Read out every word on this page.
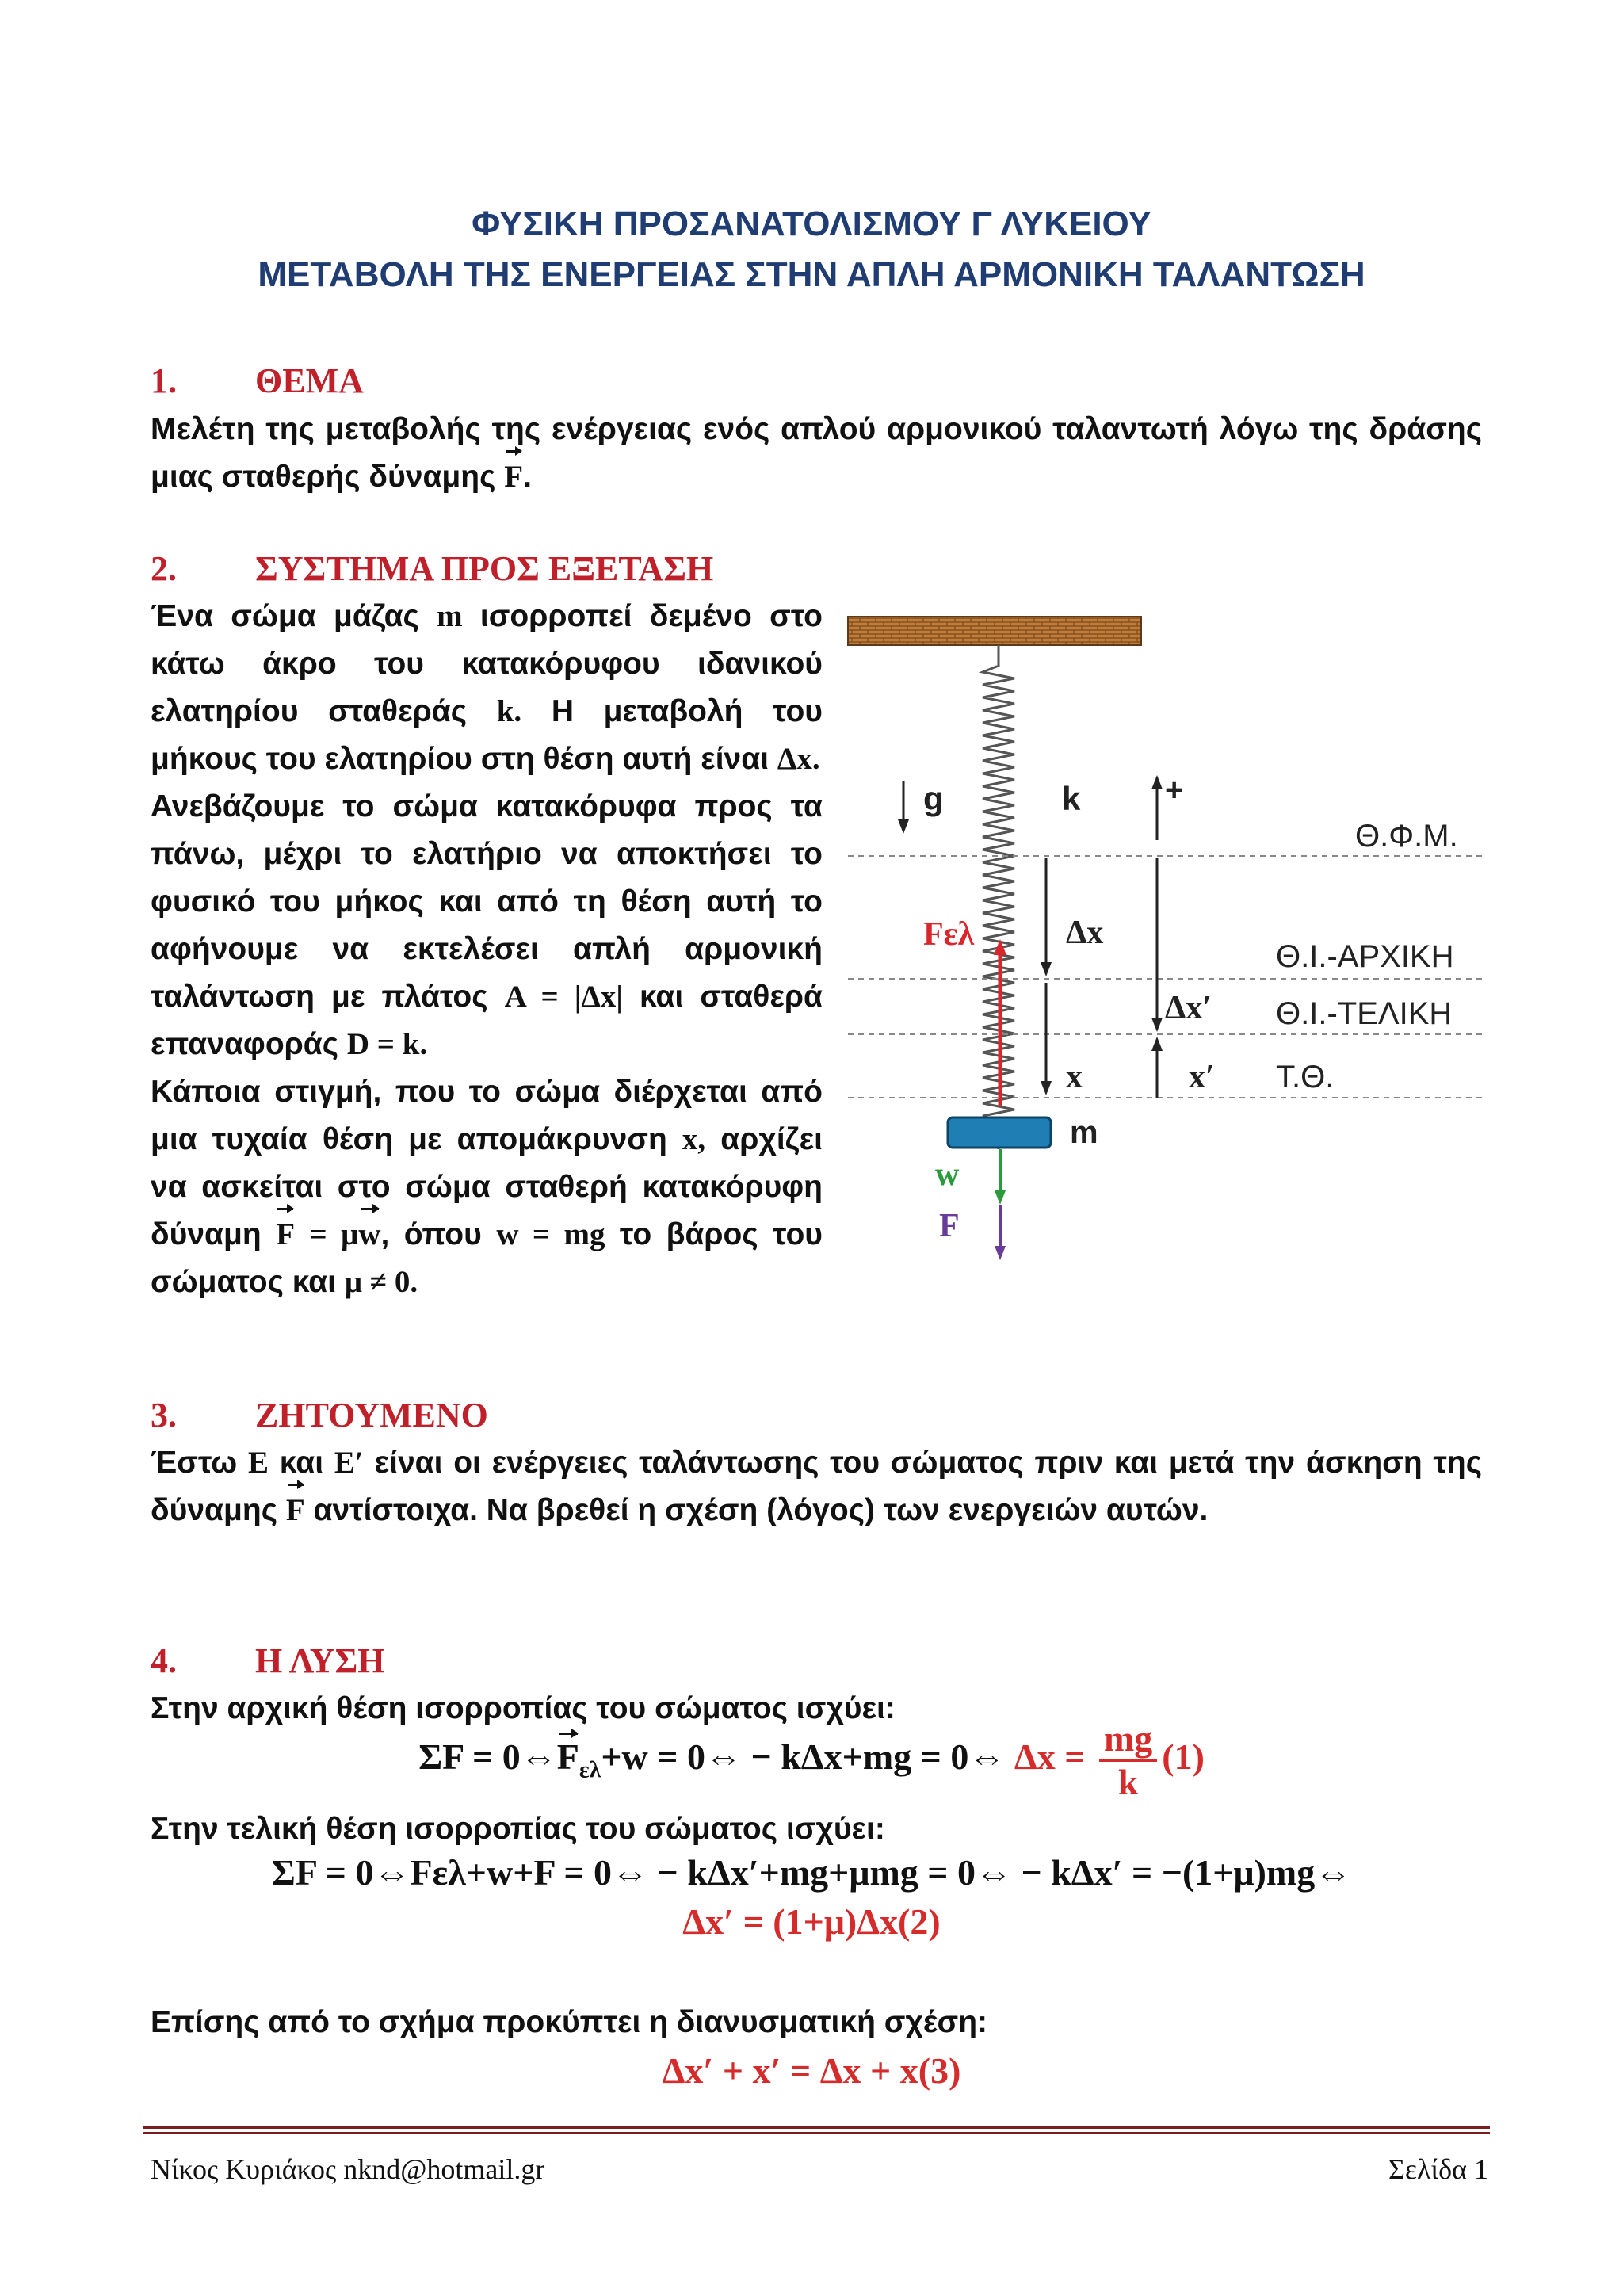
ΦΥΣΙΚΗ ΠΡΟΣΑΝΑΤΟΛΙΣΜΟΥ Γ ΛΥΚΕΙΟΥ
ΜΕΤΑΒΟΛΗ ΤΗΣ ΕΝΕΡΓΕΙΑΣ ΣΤΗΝ ΑΠΛΗ ΑΡΜΟΝΙΚΗ ΤΑΛΑΝΤΩΣΗ
1. ΘΕΜΑ
Μελέτη της μεταβολής της ενέργειας ενός απλού αρμονικού ταλαντωτή λόγω της δράσης μιας σταθερής δύναμης F.
2. ΣΥΣΤΗΜΑ ΠΡΟΣ ΕΞΕΤΑΣΗ
Ένα σώμα μάζας m ισορροπεί δεμένο στο κάτω άκρο του κατακόρυφου ιδανικού ελατηρίου σταθεράς k. Η μεταβολή του μήκους του ελατηρίου στη θέση αυτή είναι Δx.
Ανεβάζουμε το σώμα κατακόρυφα προς τα πάνω, μέχρι το ελατήριο να αποκτήσει το φυσικό του μήκος και από τη θέση αυτή το αφήνουμε να εκτελέσει απλή αρμονική ταλάντωση με πλάτος A = |Δx| και σταθερά επαναφοράς D = k.
Κάποια στιγμή, που το σώμα διέρχεται από μια τυχαία θέση με απομάκρυνση x, αρχίζει να ασκείται στο σώμα σταθερή κατακόρυφη δύναμη F = μw, όπου w = mg το βάρος του σώματος και μ ≠ 0.
g	k	+
Θ.Φ.Μ.
Θ.Ι.-ΑΡΧΙΚΗ
Θ.Ι.-ΤΕΛΙΚΗ
Τ.Θ.
Fελ	Δx
Δx′
x	x′
m
w
F
3. ΖΗΤΟΥΜΕΝΟ
Έστω E και E′ είναι οι ενέργειες ταλάντωσης του σώματος πριν και μετά την άσκηση της δύναμης F αντίστοιχα. Να βρεθεί η σχέση (λόγος) των ενεργειών αυτών.
4. Η ΛΥΣΗ
Στην αρχική θέση ισορροπίας του σώματος ισχύει:
$\Sigma F = 0\Leftrightarrow F_{\varepsilon\lambda}+w$ = 0⇔ − kΔx+mg = 0⇔ $\Delta x = \frac{mg}{k} (1)$
Στην τελική θέση ισορροπίας του σώματος ισχύει:
ΣF = 0⇔Fελ+w+F = 0⇔ − kΔx′+mg+μmg = 0⇔ − kΔx′ = −(1+μ)mg⇔
Δx′ = (1+μ)Δx(2)
Επίσης από το σχήμα προκύπτει η διανυσματική σχέση:
Δx′ + x′ = Δx + x(3)
Νίκος Κυριάκος nknd@hotmail.gr	Σελίδα 1
